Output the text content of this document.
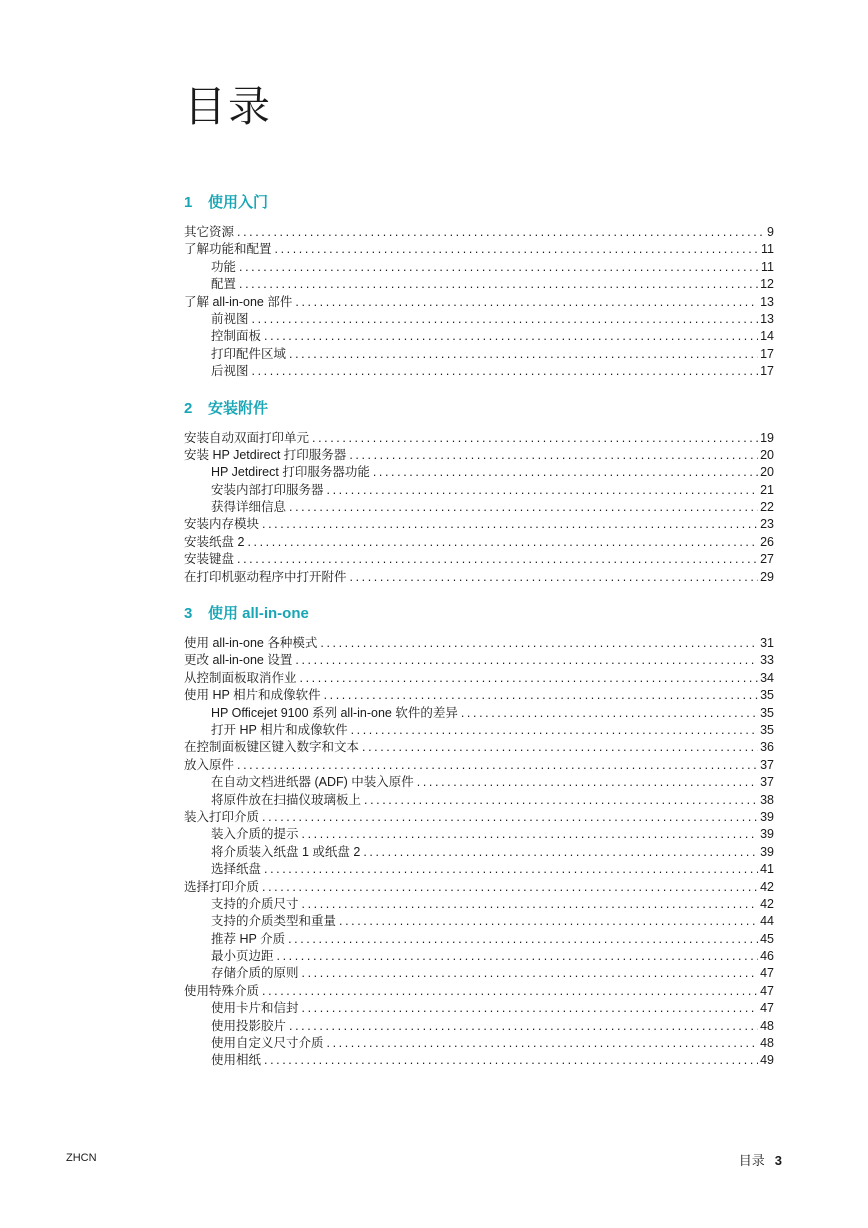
目录
1 使用入门
其它资源 .....	9
了解功能和配置 .....	11
功能 .....	11
配置 .....	12
了解 all-in-one 部件 .....	13
前视图 .....	13
控制面板 .....	14
打印配件区域 .....	17
后视图 .....	17
2 安装附件
安装自动双面打印单元 .....	19
安装 HP Jetdirect 打印服务器 .....	20
HP Jetdirect 打印服务器功能 .....	20
安装内部打印服务器 .....	21
获得详细信息 .....	22
安装内存模块 .....	23
安装纸盘 2 .....	26
安装键盘 .....	27
在打印机驱动程序中打开附件 .....	29
3 使用 all-in-one
使用 all-in-one 各种模式 .....	31
更改 all-in-one 设置 .....	33
从控制面板取消作业 .....	34
使用 HP 相片和成像软件 .....	35
HP Officejet 9100 系列 all-in-one 软件的差异 .....	35
打开 HP 相片和成像软件 .....	35
在控制面板键区键入数字和文本 .....	36
放入原件 .....	37
在自动文档进纸器 (ADF) 中装入原件 .....	37
将原件放在扫描仪玻璃板上 .....	38
装入打印介质 .....	39
装入介质的提示 .....	39
将介质装入纸盘 1 或纸盘 2 .....	39
选择纸盘 .....	41
选择打印介质 .....	42
支持的介质尺寸 .....	42
支持的介质类型和重量 .....	44
推荐 HP 介质 .....	45
最小页边距 .....	46
存储介质的原则 .....	47
使用特殊介质 .....	47
使用卡片和信封 .....	47
使用投影胶片 .....	48
使用自定义尺寸介质 .....	48
使用相纸 .....	49
ZHCN	目录 3
